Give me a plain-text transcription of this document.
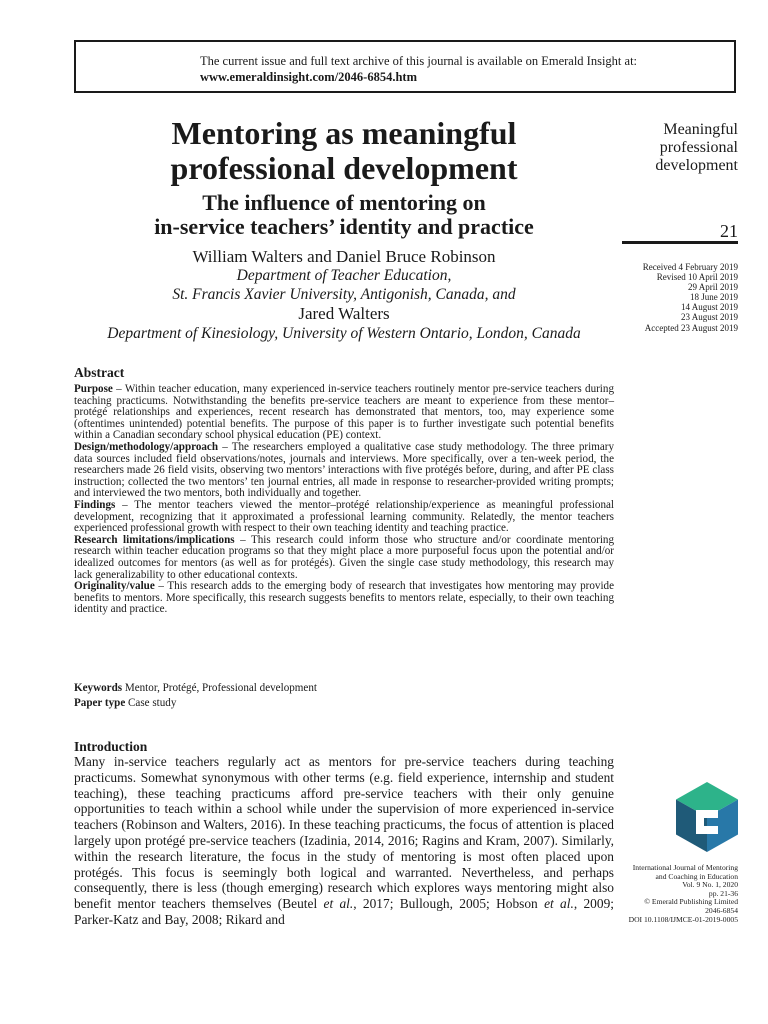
The current issue and full text archive of this journal is available on Emerald Insight at:
www.emeraldinsight.com/2046-6854.htm
Mentoring as meaningful
professional development
The influence of mentoring on
in-service teachers’ identity and practice
William Walters and Daniel Bruce Robinson
Department of Teacher Education,
St. Francis Xavier University, Antigonish, Canada, and
Jared Walters
Department of Kinesiology, University of Western Ontario, London, Canada
Meaningful
professional
development
21
Received 4 February 2019
Revised 10 April 2019
29 April 2019
18 June 2019
14 August 2019
23 August 2019
Accepted 23 August 2019
Abstract

Purpose – Within teacher education, many experienced in-service teachers routinely mentor pre-service teachers during teaching practicums. Notwithstanding the benefits pre-service teachers are meant to experience from these mentor–protégé relationships and experiences, recent research has demonstrated that mentors, too, may experience some (oftentimes unintended) potential benefits. The purpose of this paper is to further investigate such potential benefits within a Canadian secondary school physical education (PE) context.

Design/methodology/approach – The researchers employed a qualitative case study methodology. The three primary data sources included field observations/notes, journals and interviews. More specifically, over a ten-week period, the researchers made 26 field visits, observing two mentors’ interactions with five protégés before, during, and after PE class instruction; collected the two mentors’ ten journal entries, all made in response to researcher-provided writing prompts; and interviewed the two mentors, both individually and together.

Findings – The mentor teachers viewed the mentor–protégé relationship/experience as meaningful professional development, recognizing that it approximated a professional learning community. Relatedly, the mentor teachers experienced professional growth with respect to their own teaching identity and teaching practice.

Research limitations/implications – This research could inform those who structure and/or coordinate mentoring research within teacher education programs so that they might place a more purposeful focus upon the potential and/or idealized outcomes for mentors (as well as for protégés). Given the single case study methodology, this research may lack generalizability to other educational contexts.

Originality/value – This research adds to the emerging body of research that investigates how mentoring may provide benefits to mentors. More specifically, this research suggests benefits to mentors relate, especially, to their own teaching identity and practice.

Keywords Mentor, Protégé, Professional development
Paper type Case study
Introduction

Many in-service teachers regularly act as mentors for pre-service teachers during teaching practicums. Somewhat synonymous with other terms (e.g. field experience, internship and student teaching), these teaching practicums afford pre-service teachers with their only genuine opportunities to teach within a school while under the supervision of more experienced in-service teachers (Robinson and Walters, 2016). In these teaching practicums, the focus of attention is placed largely upon protégé pre-service teachers (Izadinia, 2014, 2016; Ragins and Kram, 2007). Similarly, within the research literature, the focus in the study of mentoring is most often placed upon protégés. This focus is seemingly both logical and warranted. Nevertheless, and perhaps consequently, there is less (though emerging) research which explores ways mentoring might also benefit mentor teachers themselves (Beutel et al., 2017; Bullough, 2005; Hobson et al., 2009; Parker-Katz and Bay, 2008; Rikard and

International Journal of Mentoring
and Coaching in Education
Vol. 9 No. 1, 2020
pp. 21-36
© Emerald Publishing Limited
2046-6854
DOI 10.1108/IJMCE-01-2019-0005
